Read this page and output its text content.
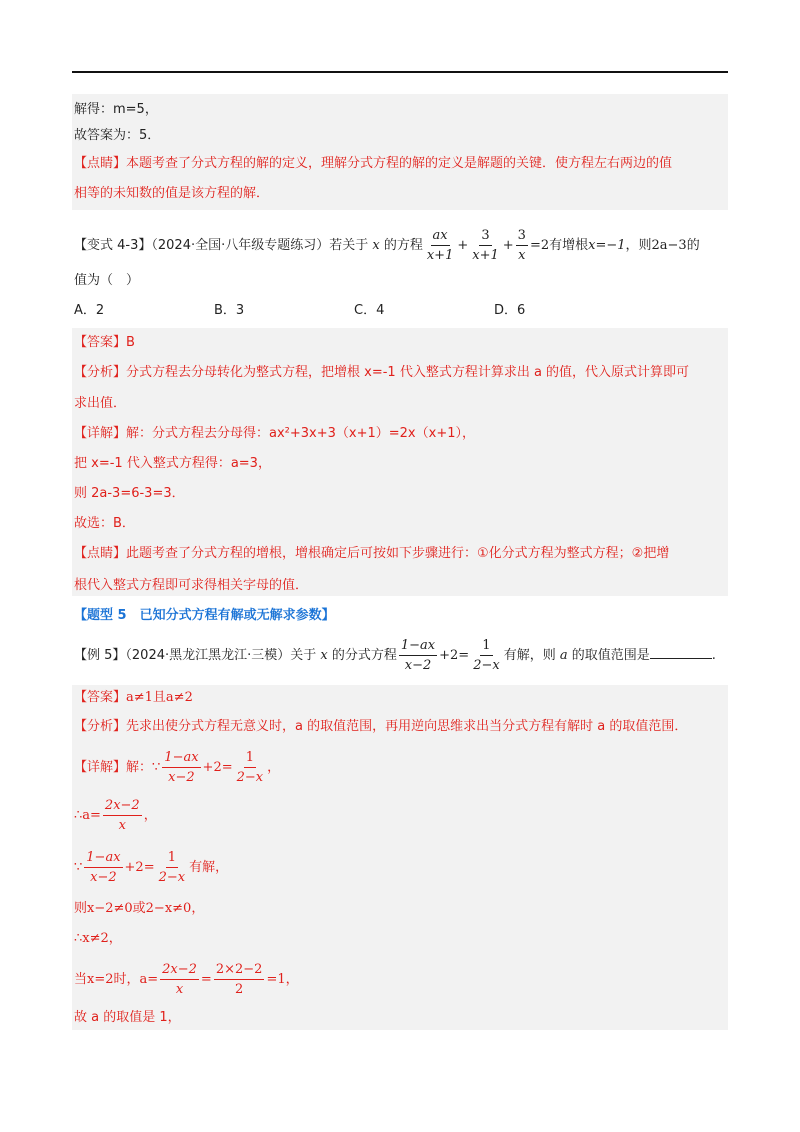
解得：m=5，
故答案为：5．
【点睛】本题考查了分式方程的解的定义，理解分式方程的解的定义是解题的关键．使方程左右两边的值
相等的未知数的值是该方程的解．
【变式 4-3】（2024·全国·八年级专题练习）若关于 x 的方程 $\frac{ax}{x+1} + \frac{3}{x+1} + \frac{3}{x} =2$有增根x=−1，则2a−3的
值为（　）
A．2	B．3	C．4	D．6
【答案】B
【分析】分式方程去分母转化为整式方程，把增根 x=-1 代入整式方程计算求出 a 的值，代入原式计算即可
求出值．
【详解】解：分式方程去分母得：ax²+3x+3（x+1）=2x（x+1），
把 x=-1 代入整式方程得：a=3，
则 2a-3=6-3=3．
故选：B．
【点睛】此题考查了分式方程的增根，增根确定后可按如下步骤进行：①化分式方程为整式方程；②把增
根代入整式方程即可求得相关字母的值．
【题型 5　已知分式方程有解或无解求参数】
【例 5】（2024·黑龙江黑龙江·三模）关于 x 的分式方程 $\frac{1-ax}{x-2} +2= \frac{1}{2-x}$ 有解，则 a 的取值范围是	.
【答案】a≠1且a≠2
【分析】先求出使分式方程无意义时，a 的取值范围，再用逆向思维求出当分式方程有解时 a 的取值范围．
【详解】解：∵ $\frac{1-ax}{x-2} +2= \frac{1}{2-x}$ ，
∴a= $\frac{2x-2}{x}$ ，
∵ $\frac{1-ax}{x-2} +2= \frac{1}{2-x}$ 有解，
则x−2≠0或2−x≠0，
∴x≠2，
当x=2时，$a= \frac{2x-2}{x} = \frac{2\times 2-2}{2} =1$，
故 a 的取值是 1，
